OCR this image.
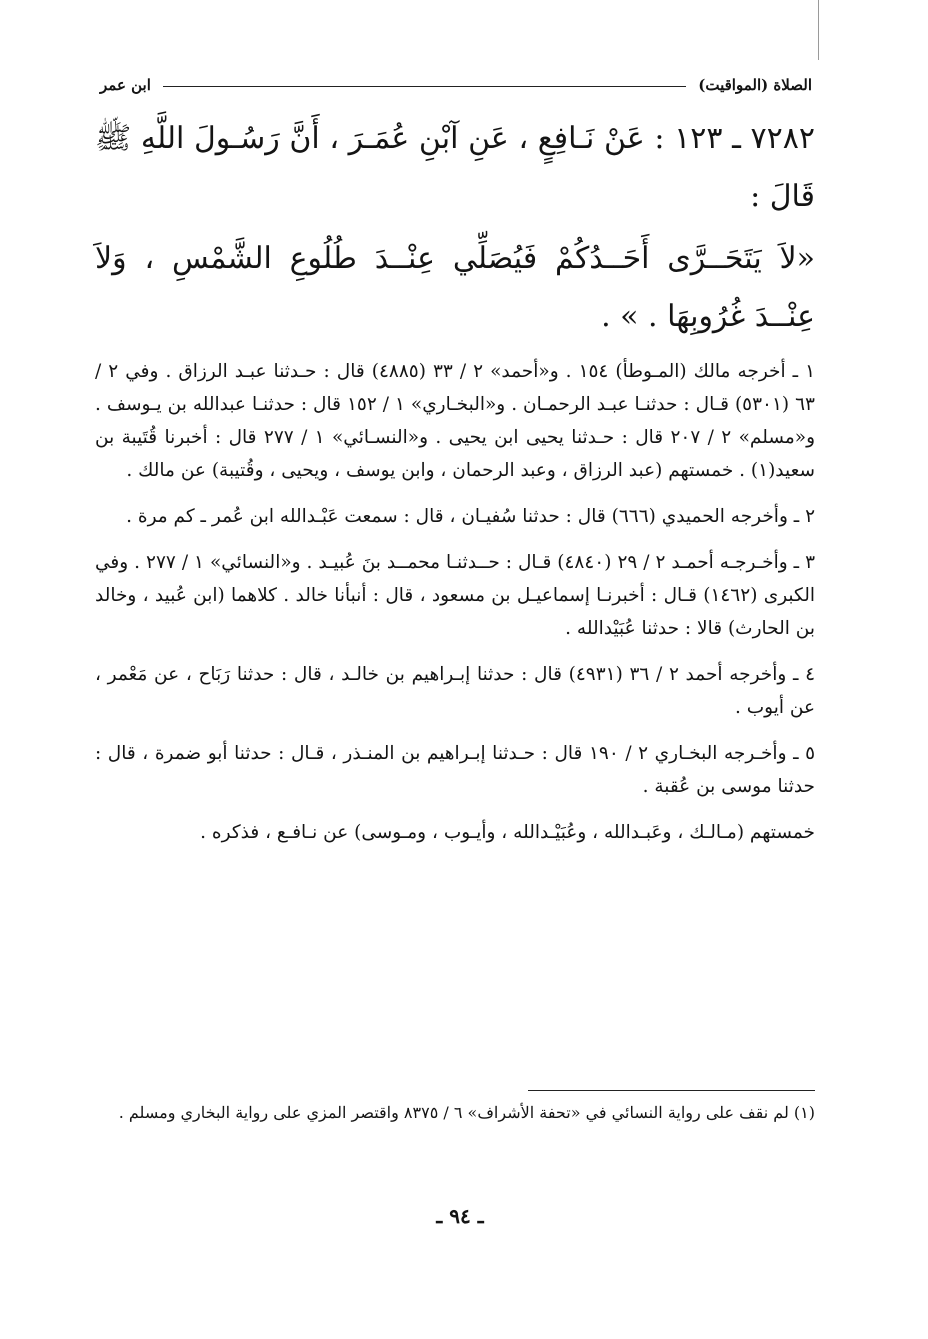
الصلاة (المواقيت)
ابن عمر
٧٢٨٢ ـ ١٢٣ : عَنْ نَـافِعٍ ، عَنِ آبْنِ عُمَـرَ ، أَنَّ رَسُـولَ اللَّهِ ﷺ قَالَ :
«لاَ يَتَحَــرَّى أَحَــدُكُمْ فَيُصَلِّي عِنْــدَ طُلُوعِ الشَّمْسِ ، وَلاَ عِنْــدَ غُرُوبِهَا . » .

١ ـ أخرجه مالك (المـوطأ) ١٥٤ . و«أحمد» ٢ / ٣٣ (٤٨٨٥) قال : حـدثنا عبـد الرزاق . وفي ٢ / ٦٣ (٥٣٠١) قـال : حدثنـا عبـد الرحمـان . و«البخـاري» ١ / ١٥٢ قال : حدثنـا عبدالله بن يـوسف . و«مسلم» ٢ / ٢٠٧ قال : حـدثنا يحيى ابن يحيى . و«النسـائي» ١ / ٢٧٧ قال : أخبرنا قُتَيبة بن سعيد(١) . خمستهم (عبد الرزاق ، وعبد الرحمان ، وابن يوسف ، ويحيى ، وقُتيبة) عن مالك .

٢ ـ وأخرجه الحميدي (٦٦٦) قال : حدثنا سُفيـان ، قال : سمعت عَبْـدالله ابن عُمر ـ كم مرة .

٣ ـ وأخـرجـه أحمـد ٢ / ٢٩ (٤٨٤٠) قـال : حــدثنـا محمــد بنَ عُبيـد . و«النسائي» ١ / ٢٧٧ . وفي الكبرى (١٤٦٢) قـال : أخبرنـا إسماعيـل بن مسعود ، قال : أنبأنا خالد . كلاهما (ابن عُبيد ، وخالد بن الحارث) قالا : حدثنا عُبَيْدالله .

٤ ـ وأخرجه أحمد ٢ / ٣٦ (٤٩٣١) قال : حدثنا إبـراهيم بن خالـد ، قال : حدثنا رَبَاح ، عن مَعْمر ، عن أيوب .

٥ ـ وأخـرجه البخـاري ٢ / ١٩٠ قال : حـدثنا إبـراهيم بن المنـذر ، قـال : حدثنا أبو ضمرة ، قال : حدثنا موسى بن عُقبة .

خمستهم (مـالـك ، وعَبـدالله ، وعُبَيْـدالله ، وأيـوب ، ومـوسى) عن نـافـع ، فذكره .

(١) لم نقف على رواية النسائي في «تحفة الأشراف» ٦ / ٨٣٧٥ واقتصر المزي على رواية البخاري ومسلم .
ـ ٩٤ ـ
